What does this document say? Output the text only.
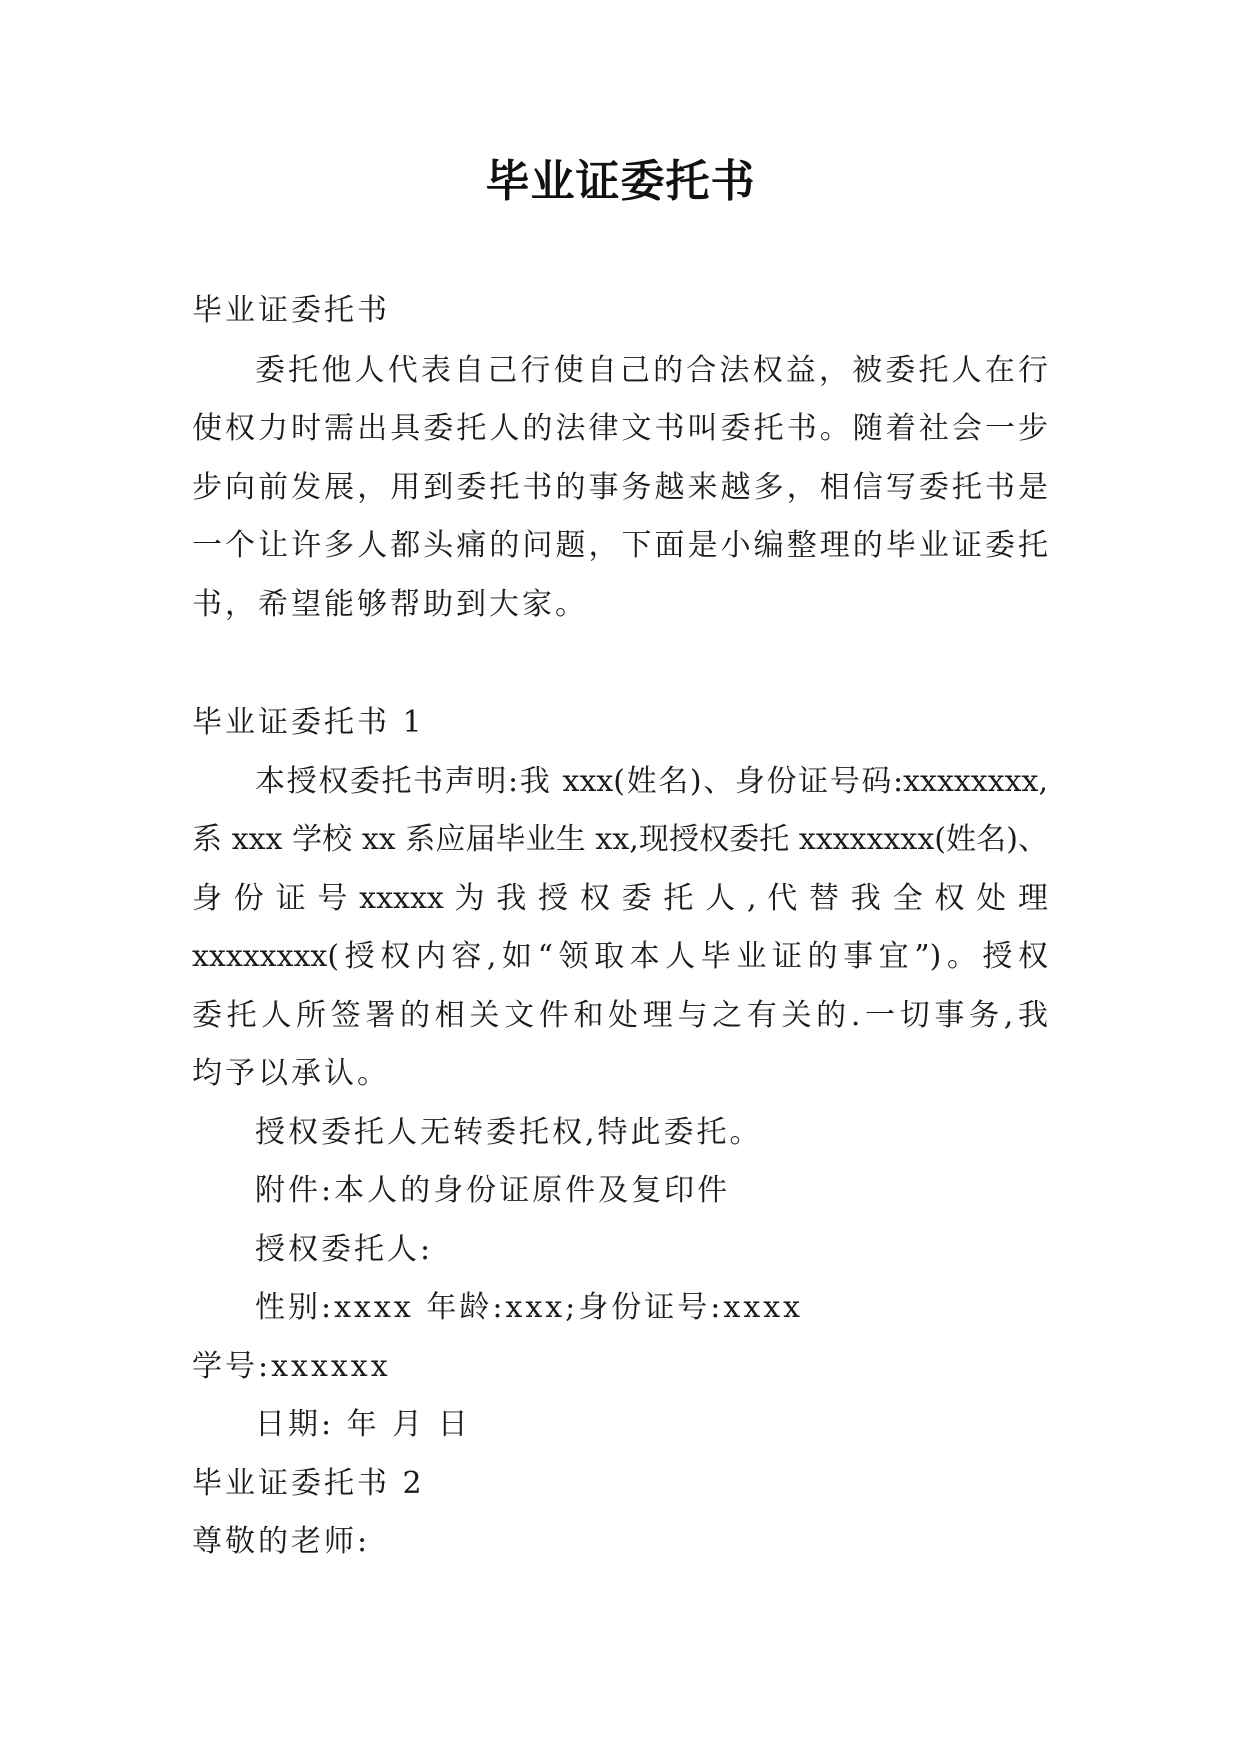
毕业证委托书
毕业证委托书
委托他人代表自己行使自己的合法权益，被委托人在行
使权力时需出具委托人的法律文书叫委托书。随着社会一步
步向前发展，用到委托书的事务越来越多，相信写委托书是
一个让许多人都头痛的问题，下面是小编整理的毕业证委托
书，希望能够帮助到大家。
毕业证委托书 1
本授权委托书声明:我 xxx(姓名)、身份证号码:xxxxxxxx,
系 xxx 学校 xx 系应届毕业生 xx,现授权委托 xxxxxxxx(姓名)、
身 份 证 号 xxxxx 为 我 授 权 委 托 人 , 代 替 我 全 权 处 理
xxxxxxxx(授权内容,如“领取本人毕业证的事宜”)。授权
委托人所签署的相关文件和处理与之有关的.一切事务,我
均予以承认。
授权委托人无转委托权,特此委托。
附件:本人的身份证原件及复印件
授权委托人:
性别:xxxx 年龄:xxx;身份证号:xxxx
学号:xxxxxx
日期: 年 月 日
毕业证委托书 2
尊敬的老师:
